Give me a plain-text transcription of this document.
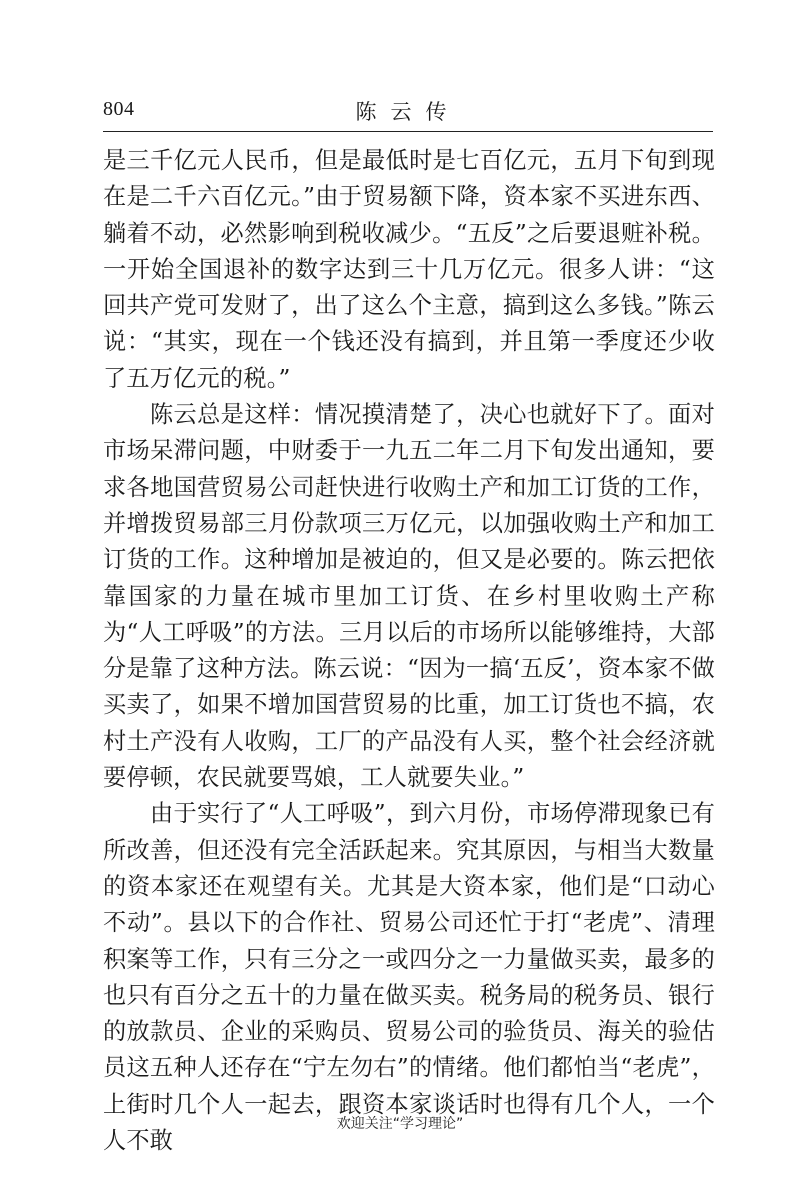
804	陈云传

是三千亿元人民币，但是最低时是七百亿元，五月下旬到现在是二千六百亿元。”由于贸易额下降，资本家不买进东西、躺着不动，必然影响到税收减少。“五反”之后要退赃补税。一开始全国退补的数字达到三十几万亿元。很多人讲：“这回共产党可发财了，出了这么个主意，搞到这么多钱。”陈云说：“其实，现在一个钱还没有搞到，并且第一季度还少收了五万亿元的税。”

陈云总是这样：情况摸清楚了，决心也就好下了。面对市场呆滞问题，中财委于一九五二年二月下旬发出通知，要求各地国营贸易公司赶快进行收购土产和加工订货的工作，并增拨贸易部三月份款项三万亿元，以加强收购土产和加工订货的工作。这种增加是被迫的，但又是必要的。陈云把依靠国家的力量在城市里加工订货、在乡村里收购土产称为“人工呼吸”的方法。三月以后的市场所以能够维持，大部分是靠了这种方法。陈云说：“因为一搞‘五反’，资本家不做买卖了，如果不增加国营贸易的比重，加工订货也不搞，农村土产没有人收购，工厂的产品没有人买，整个社会经济就要停顿，农民就要骂娘，工人就要失业。”

由于实行了“人工呼吸”，到六月份，市场停滞现象已有所改善，但还没有完全活跃起来。究其原因，与相当大数量的资本家还在观望有关。尤其是大资本家，他们是“口动心不动”。县以下的合作社、贸易公司还忙于打“老虎”、清理积案等工作，只有三分之一或四分之一力量做买卖，最多的也只有百分之五十的力量在做买卖。税务局的税务员、银行的放款员、企业的采购员、贸易公司的验货员、海关的验估员这五种人还存在“宁左勿右”的情绪。他们都怕当“老虎”，上街时几个人一起去，跟资本家谈话时也得有几个人，一个人不敢

欢迎关注“学习理论”
